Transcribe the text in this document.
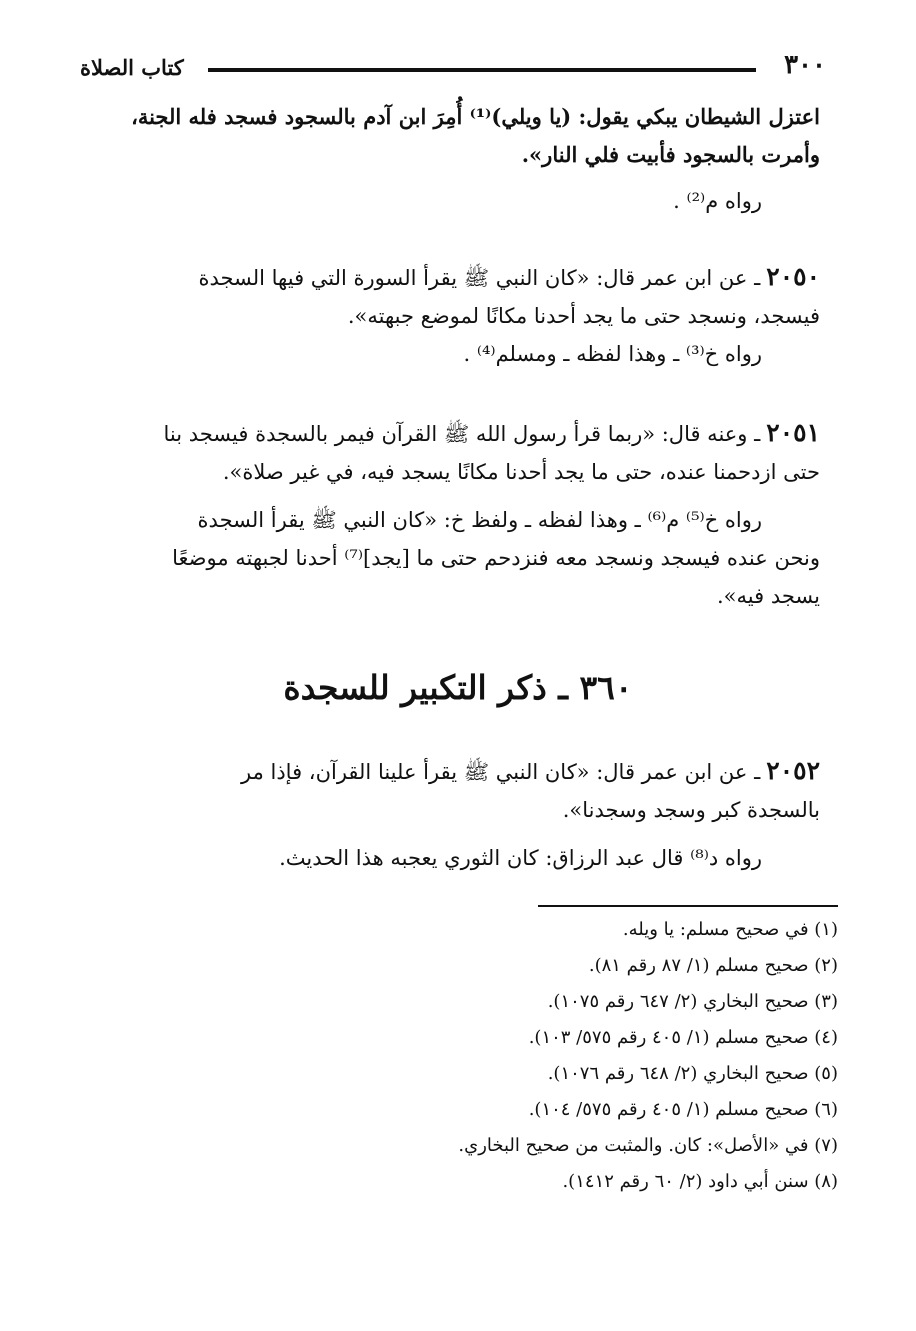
٣٠٠
كتاب الصلاة

اعتزل الشيطان يبكي يقول: (يا ويلي)⁽¹⁾ أُمِرَ ابن آدم بالسجود فسجد فله الجنة،

وأمرت بالسجود فأبيت فلي النار».

رواه م⁽²⁾ .

٢٠٥٠ـ عن ابن عمر قال: «كان النبي ﷺ يقرأ السورة التي فيها السجدة

فيسجد، ونسجد حتى ما يجد أحدنا مكانًا لموضع جبهته».

رواه خ⁽³⁾ ـ وهذا لفظه ـ ومسلم⁽⁴⁾ .

٢٠٥١ـ وعنه قال: «ربما قرأ رسول الله ﷺ القرآن فيمر بالسجدة فيسجد بنا

حتى ازدحمنا عنده، حتى ما يجد أحدنا مكانًا يسجد فيه، في غير صلاة».

رواه خ⁽⁵⁾ م⁽⁶⁾ ـ وهذا لفظه ـ ولفظ خ: «كان النبي ﷺ يقرأ السجدة

ونحن عنده فيسجد ونسجد معه فنزدحم حتى ما [يجد]⁽⁷⁾ أحدنا لجبهته موضعًا

يسجد فيه».

٣٦٠ ـ ذكر التكبير للسجدة

٢٠٥٢ـ عن ابن عمر قال: «كان النبي ﷺ يقرأ علينا القرآن، فإذا مر

بالسجدة كبر وسجد وسجدنا».

رواه د⁽⁸⁾ قال عبد الرزاق: كان الثوري يعجبه هذا الحديث.

(١) في صحيح مسلم: يا ويله.
(٢) صحيح مسلم (١/ ٨٧ رقم ٨١).
(٣) صحيح البخاري (٢/ ٦٤٧ رقم ١٠٧٥).
(٤) صحيح مسلم (١/ ٤٠٥ رقم ٥٧٥/ ١٠٣).
(٥) صحيح البخاري (٢/ ٦٤٨ رقم ١٠٧٦).
(٦) صحيح مسلم (١/ ٤٠٥ رقم ٥٧٥/ ١٠٤).
(٧) في «الأصل»: كان. والمثبت من صحيح البخاري.
(٨) سنن أبي داود (٢/ ٦٠ رقم ١٤١٢).
